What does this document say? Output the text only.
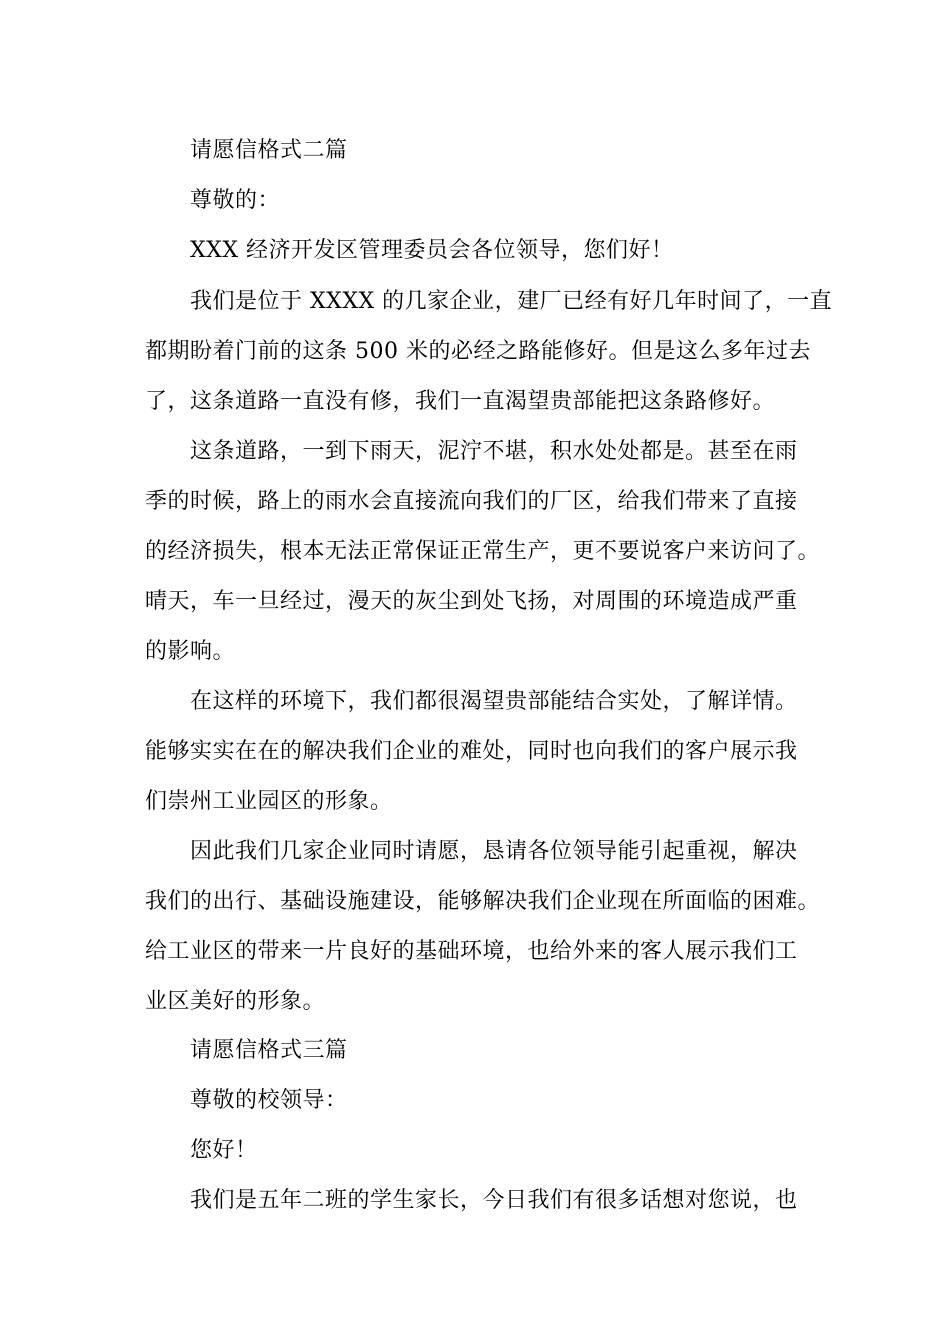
请愿信格式二篇
尊敬的：
XXX 经济开发区管理委员会各位领导，您们好！
我们是位于 XXXX 的几家企业，建厂已经有好几年时间了，一直
都期盼着门前的这条 500 米的必经之路能修好。但是这么多年过去
了，这条道路一直没有修，我们一直渴望贵部能把这条路修好。
这条道路，一到下雨天，泥泞不堪，积水处处都是。甚至在雨
季的时候，路上的雨水会直接流向我们的厂区，给我们带来了直接
的经济损失，根本无法正常保证正常生产，更不要说客户来访问了。
晴天，车一旦经过，漫天的灰尘到处飞扬，对周围的环境造成严重
的影响。
在这样的环境下，我们都很渴望贵部能结合实处，了解详情。
能够实实在在的解决我们企业的难处，同时也向我们的客户展示我
们崇州工业园区的形象。
因此我们几家企业同时请愿，恳请各位领导能引起重视，解决
我们的出行、基础设施建设，能够解决我们企业现在所面临的困难。
给工业区的带来一片良好的基础环境，也给外来的客人展示我们工
业区美好的形象。
请愿信格式三篇
尊敬的校领导：
您好！
我们是五年二班的学生家长，今日我们有很多话想对您说，也
